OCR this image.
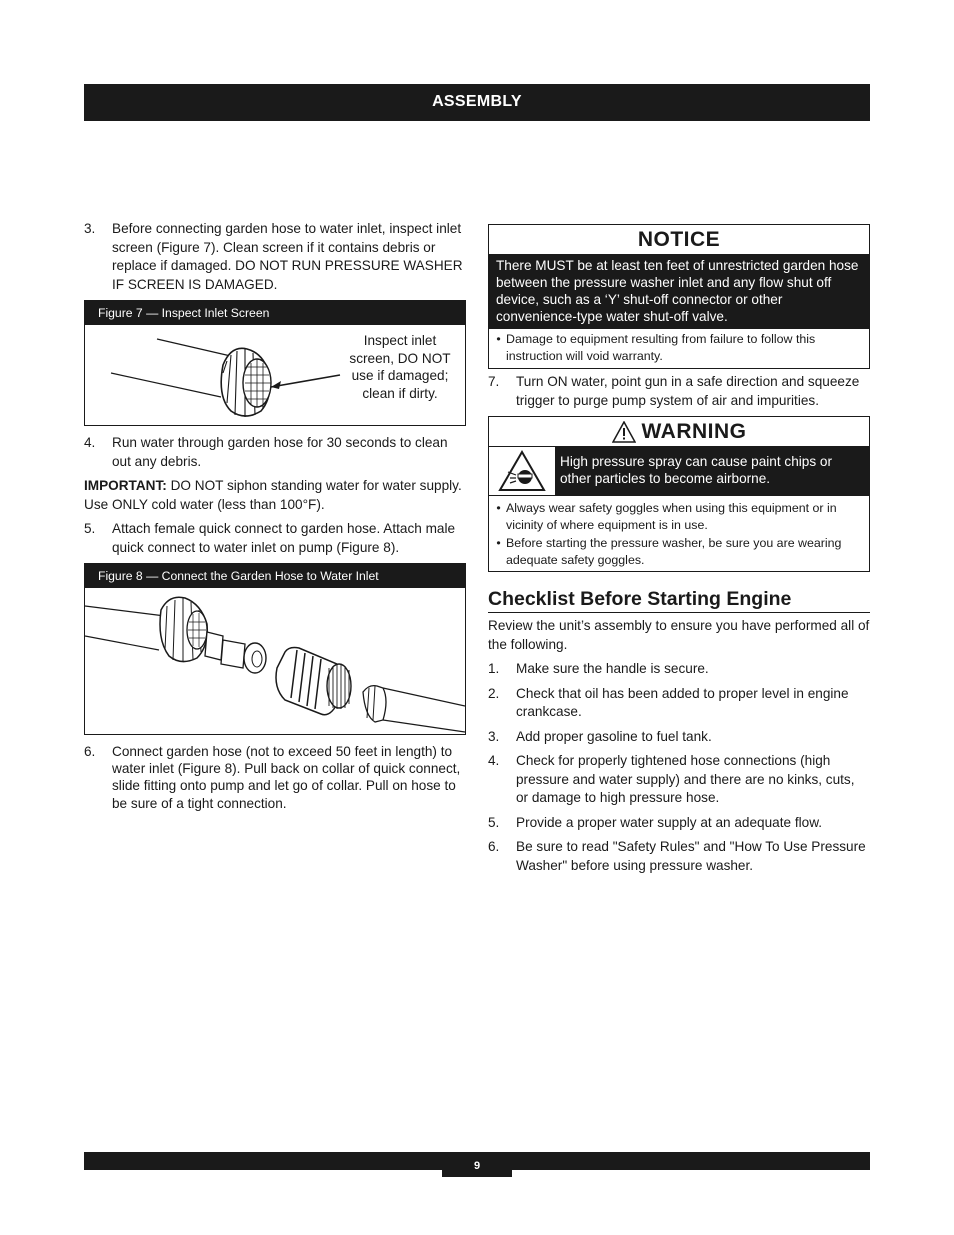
ASSEMBLY
3.	Before connecting garden hose to water inlet, inspect inlet screen (Figure 7). Clean screen if it contains debris or replace if damaged. DO NOT RUN PRESSURE WASHER IF SCREEN IS DAMAGED.
Figure 7 — Inspect Inlet Screen
Inspect inlet screen, DO NOT use if damaged; clean if dirty.
4.	Run water through garden hose for 30 seconds to clean out any debris.
IMPORTANT: DO NOT siphon standing water for water supply. Use ONLY cold water (less than 100°F).
5.	Attach female quick connect to garden hose. Attach male quick connect to water inlet on pump (Figure 8).
Figure 8 — Connect the Garden Hose to Water Inlet
6.	Connect garden hose (not to exceed 50 feet in length) to water inlet (Figure 8). Pull back on collar of quick connect, slide fitting onto pump and let go of collar. Pull on hose to be sure of a tight connection.
NOTICE
There MUST be at least ten feet of unrestricted garden hose between the pressure washer inlet and any flow shut off device, such as a ‘Y’ shut-off connector or other convenience-type water shut-off valve.
• Damage to equipment resulting from failure to follow this instruction will void warranty.
7.	Turn ON water, point gun in a safe direction and squeeze trigger to purge pump system of air and impurities.
WARNING
High pressure spray can cause paint chips or other particles to become airborne.
• Always wear safety goggles when using this equipment or in vicinity of where equipment is in use.
• Before starting the pressure washer, be sure you are wearing adequate safety goggles.
Checklist Before Starting Engine
Review the unit’s assembly to ensure you have performed all of the following.
1.	Make sure the handle is secure.
2.	Check that oil has been added to proper level in engine crankcase.
3.	Add proper gasoline to fuel tank.
4.	Check for properly tightened hose connections (high pressure and water supply) and there are no kinks, cuts, or damage to high pressure hose.
5.	Provide a proper water supply at an adequate flow.
6.	Be sure to read "Safety Rules" and "How To Use Pressure Washer" before using pressure washer.
9
